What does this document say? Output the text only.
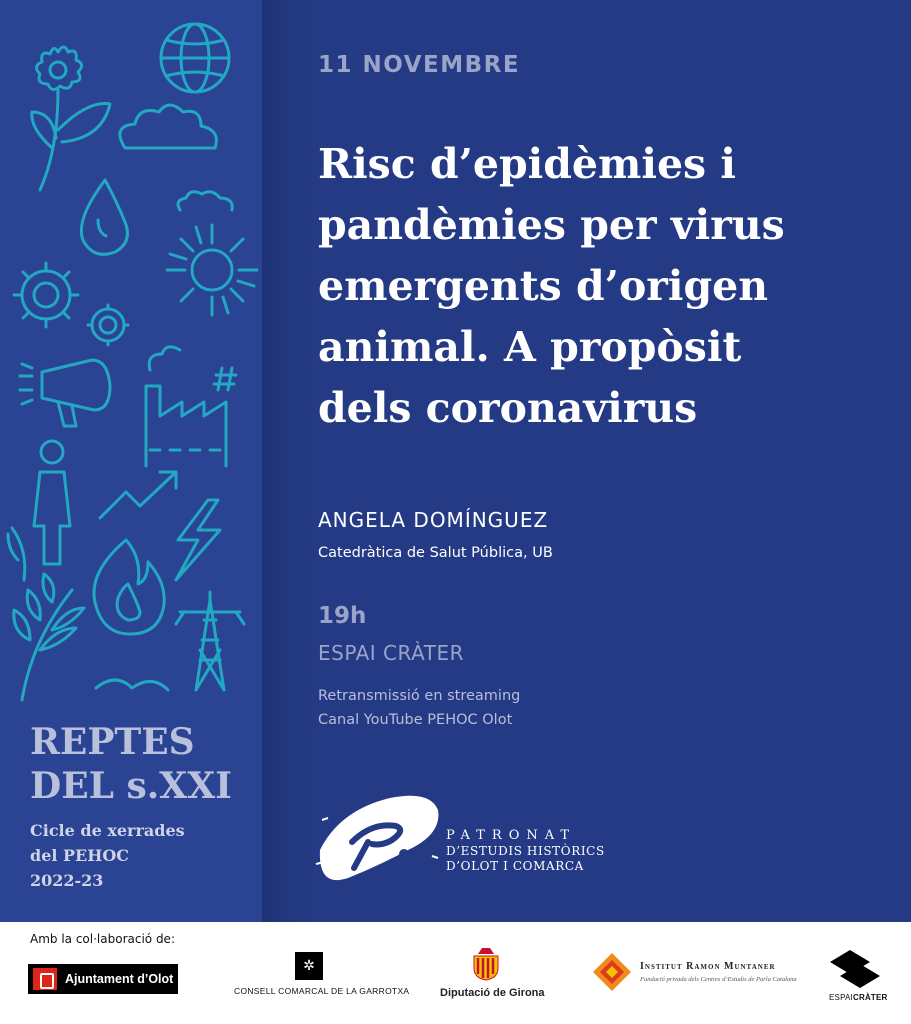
REPTES
DEL s.XXI
Cicle de xerrades
del PEHOC
2022-23
11 NOVEMBRE
Risc d’epidèmies i
pandèmies per virus
emergents d’origen
animal. A propòsit
dels coronavirus
ANGELA DOMÍNGUEZ
Catedràtica de Salut Pública, UB
19h
ESPAI CRÀTER
Retransmissió en streaming
Canal YouTube PEHOC Olot
PATRONAT
D’ESTUDIS HISTÒRICS
D’OLOT I COMARCA
Amb la col·laboració de:
Ajuntament d’Olot
✲
CONSELL COMARCAL DE LA GARROTXA	Diputació de Girona
Institut Ramon Muntaner
Fundació privada dels Centres d’Estudis de Parla Catalana
ESPAICRÀTER
